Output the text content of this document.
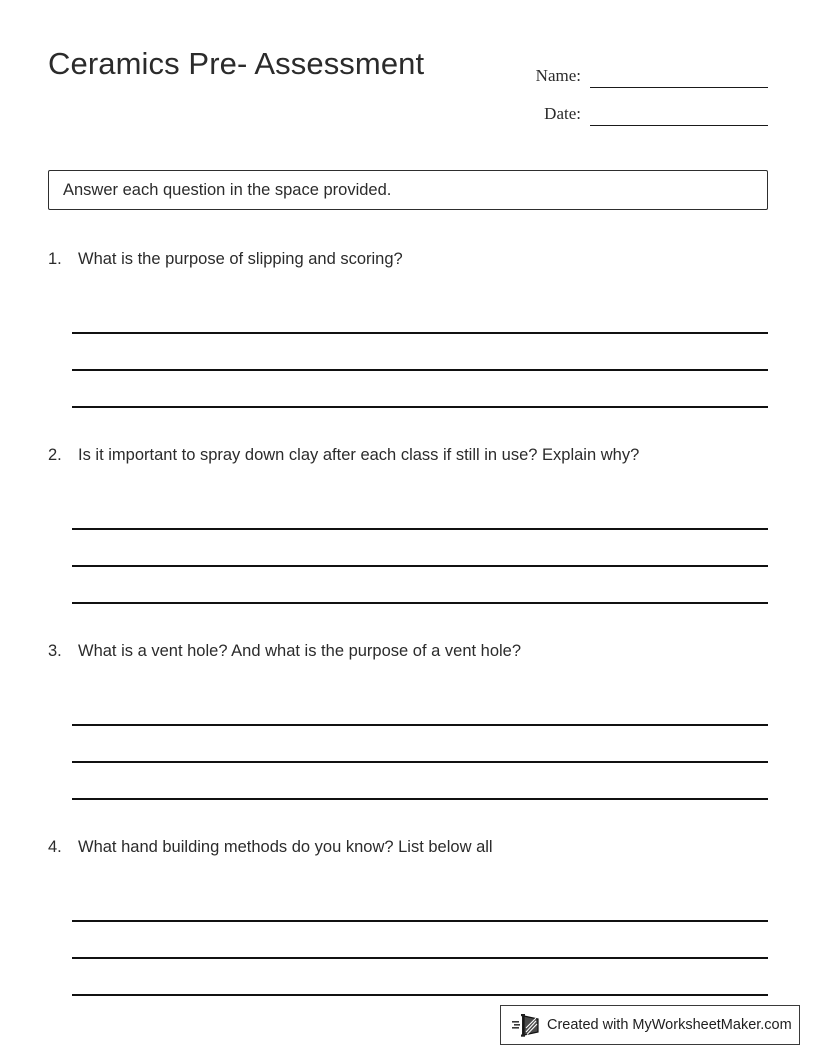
Ceramics Pre- Assessment	Name:
Date:
Answer each question in the space provided.
1. What is the purpose of slipping and scoring?
2. Is it important to spray down clay after each class if still in use? Explain why?
3. What is a vent hole? And what is the purpose of a vent hole?
4. What hand building methods do you know? List below all
Created with MyWorksheetMaker.com
